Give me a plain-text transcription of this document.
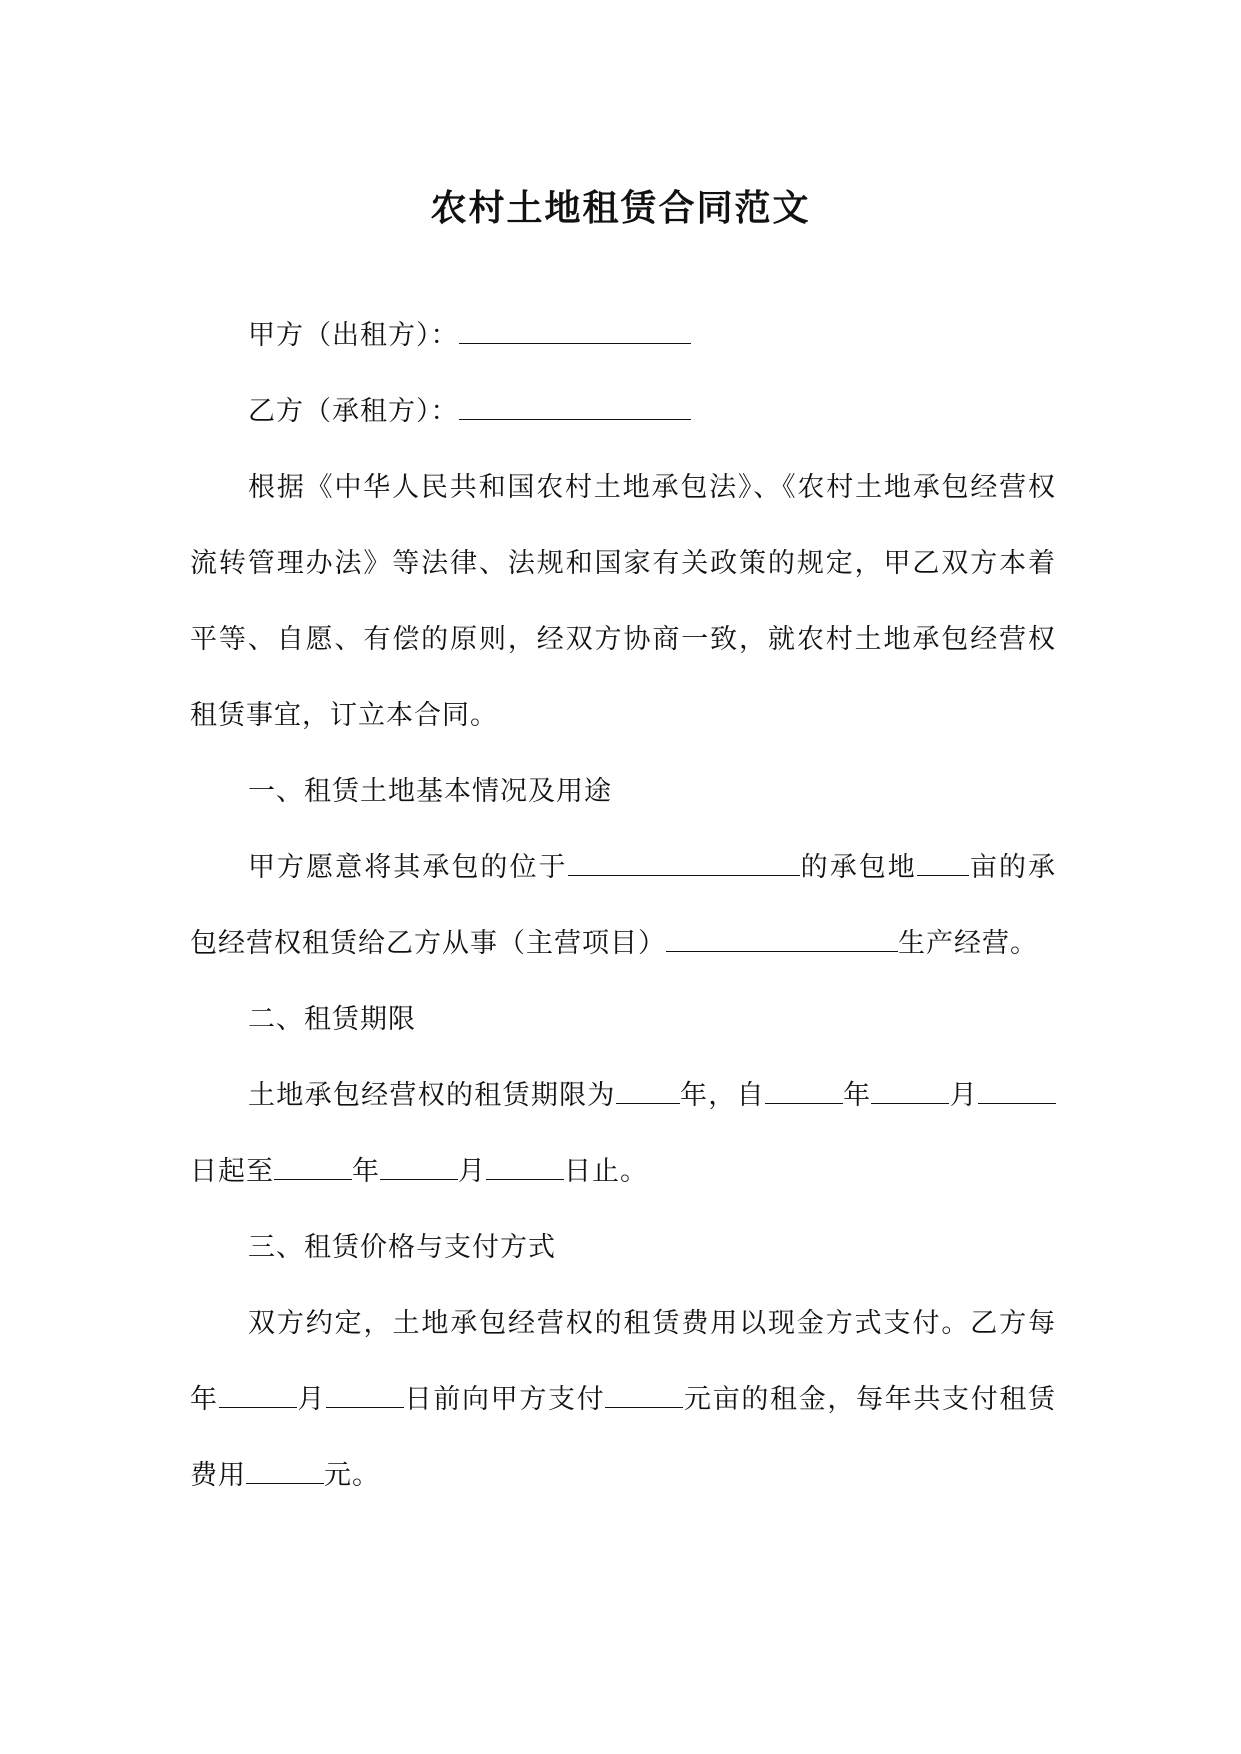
农村土地租赁合同范文

甲方（出租方）：

乙方（承租方）：

根据《中华人民共和国农村土地承包法》、《农村土地承包经营权流转管理办法》等法律、法规和国家有关政策的规定，甲乙双方本着平等、自愿、有偿的原则，经双方协商一致，就农村土地承包经营权租赁事宜，订立本合同。

一、租赁土地基本情况及用途

甲方愿意将其承包的位于	的承包地 亩的承包经营权租赁给乙方从事（主营项目）	生产经营。

二、租赁期限

土地承包经营权的租赁期限为 年，自	年	月日起至	年	月	日止。

三、租赁价格与支付方式

双方约定，土地承包经营权的租赁费用以现金方式支付。乙方每年	月	日前向甲方支付	元亩的租金，每年共支付租赁费用	元。
